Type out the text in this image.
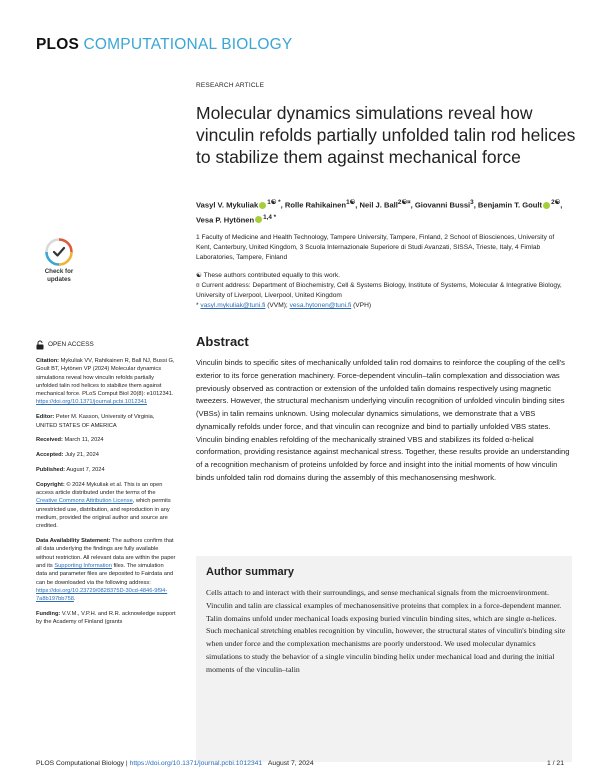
PLOS COMPUTATIONAL BIOLOGY
RESEARCH ARTICLE
Molecular dynamics simulations reveal how vinculin refolds partially unfolded talin rod helices to stabilize them against mechanical force
Vasyl V. Mykuliak $^{1☯ *}$, Rolle Rahikainen$^{1☯}$, Neil J. Ball$^{2☯¤}$, Giovanni Bussi$^3$, Benjamin T. Goult $^{2☯}$, Vesa P. Hytönen $^{1,4 *}$
1 Faculty of Medicine and Health Technology, Tampere University, Tampere, Finland, 2 School of Biosciences, University of Kent, Canterbury, United Kingdom, 3 Scuola Internazionale Superiore di Studi Avanzati, SISSA, Trieste, Italy, 4 Fimlab Laboratories, Tampere, Finland
☯ These authors contributed equally to this work.
¤ Current address: Department of Biochemistry, Cell & Systems Biology, Institute of Systems, Molecular & Integrative Biology, University of Liverpool, Liverpool, United Kingdom
* vasyl.mykuliak@tuni.fi (VVM); vesa.hytonen@tuni.fi (VPH)
Check for
updates
OPEN ACCESS
Citation: Mykuliak VV, Rahikainen R, Ball NJ, Bussi G, Goult BT, Hytönen VP (2024) Molecular dynamics simulations reveal how vinculin refolds partially unfolded talin rod helices to stabilize them against mechanical force. PLoS Comput Biol 20(8): e1012341. https://doi.org/10.1371/journal.pcbi.1012341
Editor: Peter M. Kasson, University of Virginia, UNITED STATES OF AMERICA
Received: March 11, 2024
Accepted: July 21, 2024
Published: August 7, 2024
Copyright: © 2024 Mykuliak et al. This is an open access article distributed under the terms of the Creative Commons Attribution License, which permits unrestricted use, distribution, and reproduction in any medium, provided the original author and source are credited.
Data Availability Statement: The authors confirm that all data underlying the findings are fully available without restriction. All relevant data are within the paper and its Supporting Information files. The simulation data and parameter files are deposited to Fairdata and can be downloaded via the following address: https://doi.org/10.23729/0828375D-30cd-4846-9f94-7a8b197bb758.
Funding: V.V.M., V.P.H. and R.R. acknowledge support by the Academy of Finland (grants
Abstract

Vinculin binds to specific sites of mechanically unfolded talin rod domains to reinforce the coupling of the cell's exterior to its force generation machinery. Force-dependent vinculin–talin complexation and dissociation was previously observed as contraction or extension of the unfolded talin domains respectively using magnetic tweezers. However, the structural mechanism underlying vinculin recognition of unfolded vinculin binding sites (VBSs) in talin remains unknown. Using molecular dynamics simulations, we demonstrate that a VBS dynamically refolds under force, and that vinculin can recognize and bind to partially unfolded VBS states. Vinculin binding enables refolding of the mechanically strained VBS and stabilizes its folded α-helical conformation, providing resistance against mechanical stress. Together, these results provide an understanding of a recognition mechanism of proteins unfolded by force and insight into the initial moments of how vinculin binds unfolded talin rod domains during the assembly of this mechanosensing meshwork.

Author summary

Cells attach to and interact with their surroundings, and sense mechanical signals from the microenvironment. Vinculin and talin are classical examples of mechanosensitive proteins that complex in a force-dependent manner. Talin domains unfold under mechanical loads exposing buried vinculin binding sites, which are single α-helices. Such mechanical stretching enables recognition by vinculin, however, the structural states of vinculin's binding site when under force and the complexation mechanisms are poorly understood. We used molecular dynamics simulations to study the behavior of a single vinculin binding helix under mechanical load and during the initial moments of the vinculin–talin

PLOS Computational Biology | https://doi.org/10.1371/journal.pcbi.1012341 August 7, 2024	1 / 21
